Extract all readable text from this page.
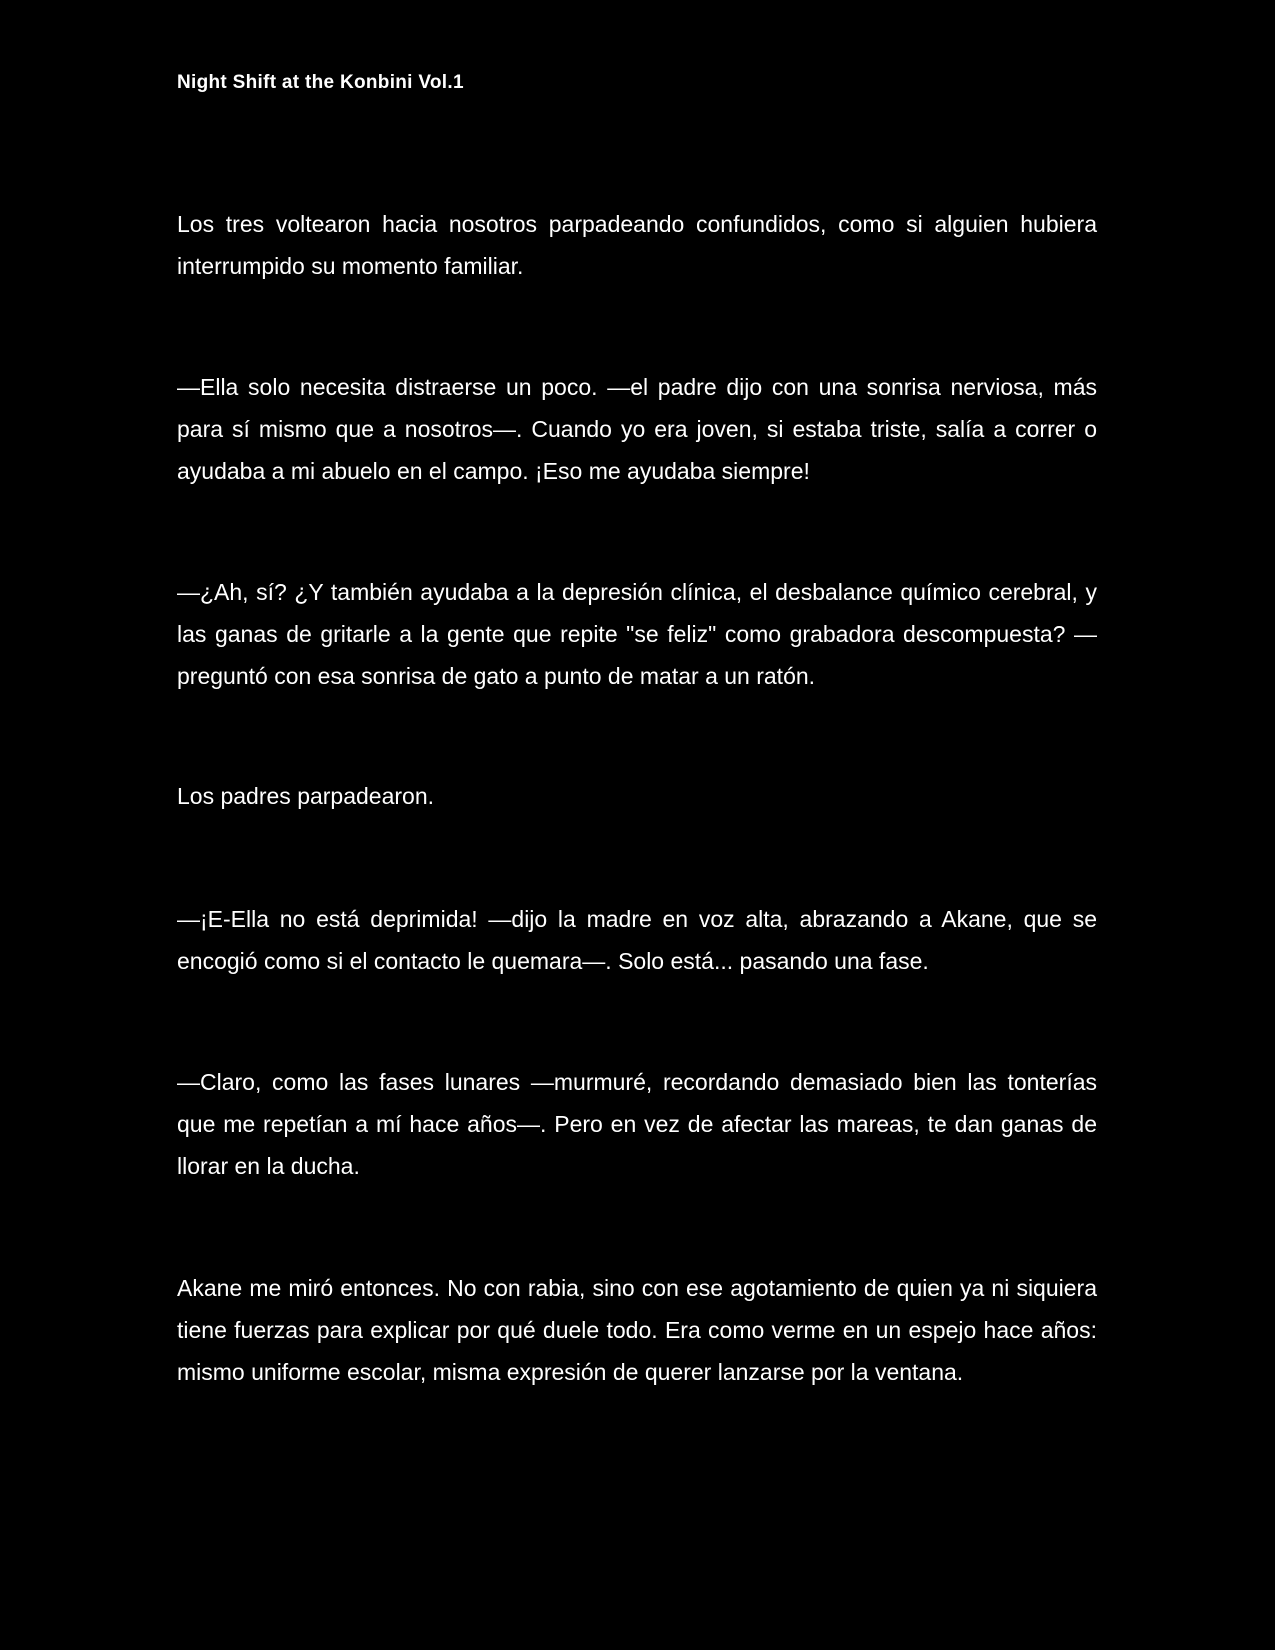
Night Shift at the Konbini Vol.1

Los tres voltearon hacia nosotros parpadeando confundidos, como si alguien hubiera interrumpido su momento familiar.

—Ella solo necesita distraerse un poco. —el padre dijo con una sonrisa nerviosa, más para sí mismo que a nosotros—. Cuando yo era joven, si estaba triste, salía a correr o ayudaba a mi abuelo en el campo. ¡Eso me ayudaba siempre!

—¿Ah, sí? ¿Y también ayudaba a la depresión clínica, el desbalance químico cerebral, y las ganas de gritarle a la gente que repite "se feliz" como grabadora descompuesta? —preguntó con esa sonrisa de gato a punto de matar a un ratón.

Los padres parpadearon.

—¡E-Ella no está deprimida! —dijo la madre en voz alta, abrazando a Akane, que se encogió como si el contacto le quemara—. Solo está... pasando una fase.

—Claro, como las fases lunares —murmuré, recordando demasiado bien las tonterías que me repetían a mí hace años—. Pero en vez de afectar las mareas, te dan ganas de llorar en la ducha.

Akane me miró entonces. No con rabia, sino con ese agotamiento de quien ya ni siquiera tiene fuerzas para explicar por qué duele todo. Era como verme en un espejo hace años: mismo uniforme escolar, misma expresión de querer lanzarse por la ventana.
